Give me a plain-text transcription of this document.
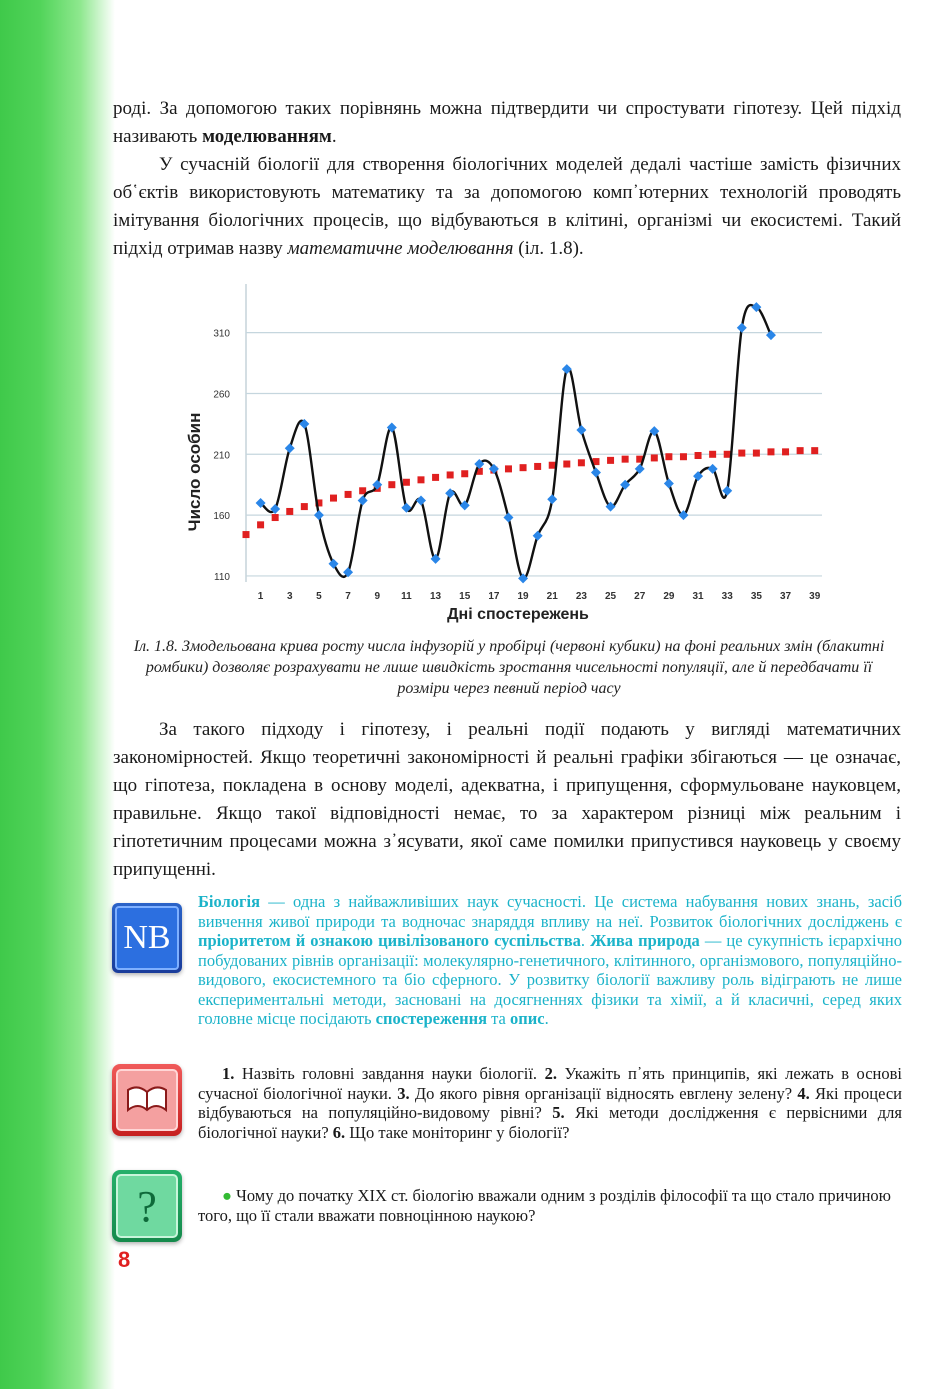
роді. За допомогою таких порівнянь можна підтвердити чи спростувати гіпотезу. Цей підхід називають моделюванням.

У сучасній біології для створення біологічних моделей дедалі частіше замість фізичних об῾єктів використовують математику та за допомогою комп᾽ютерних технологій проводять імітування біологічних процесів, що відбуваються в клітині, організмі чи екосистемі. Такий підхід отримав назву математичне моделювання (іл. 1.8).

110
160
210
260
310
1 3 5 7 9 11 13 15 17 19 21 23 25 27 29 31 33 35 37 39
Число особин
Дні спостережень
Іл. 1.8. Змодельована крива росту числа інфузорій у пробірці (червоні кубики) на фоні реальних змін (блакитні ромбики) дозволяє розрахувати не лише швидкість зростання чисельності популяції, але й передбачати її розміри через певний період часу

За такого підходу і гіпотезу, і реальні події подають у вигляді математичних закономірностей. Якщо теоретичні закономірності й реальні графіки збігаються — це означає, що гіпотеза, покладена в основу моделі, адекватна, і припущення, сформульоване науковцем, правильне. Якщо такої відповідності немає, то за характером різниці між реальним і гіпотетичним процесами можна з᾽ясувати, якої саме помилки припустився науковець у своєму припущенні.

NB

Біологія — одна з найважливіших наук сучасності. Це система набування нових знань, засіб вивчення живої природи та водночас знаряддя впливу на неї. Розвиток біологічних досліджень є пріоритетом й ознакою цивілізованого суспільства. Жива природа — це сукупність ієрархічно побудованих рівнів організації: молекулярно-генетичного, клітинного, організмового, популяційно-видового, екосистемного та біо сферного. У розвитку біології важливу роль відіграють не лише експериментальні методи, засновані на досягненнях фізики та хімії, а й класичні, серед яких головне місце посідають спостереження та опис.

1. Назвіть головні завдання науки біології. 2. Укажіть п᾽ять принципів, які лежать в основі сучасної біологічної науки. 3. До якого рівня організації відносять евглену зелену? 4. Які процеси відбуваються на популяційно-видовому рівні? 5. Які методи дослідження є первісними для біологічної науки? 6. Що таке моніторинг у біології?

?	● Чому до початку XIX ст. біологію вважали одним з розділів філософії та що стало причиною того, що її стали вважати повноцінною наукою?

8
